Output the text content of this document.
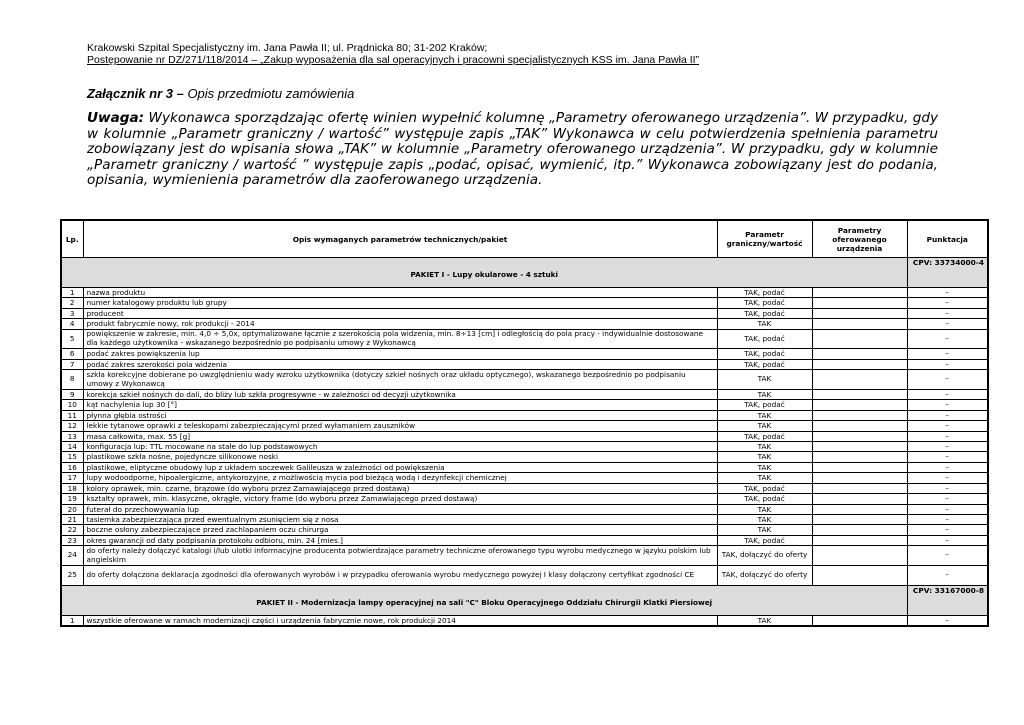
Krakowski Szpital Specjalistyczny im. Jana Pawła II; ul. Prądnicka 80; 31-202 Kraków;
Postępowanie nr DZ/271/118/2014 – „Zakup wyposażenia dla sal operacyjnych i pracowni specjalistycznych KSS im. Jana Pawła II”
Załącznik nr 3 – Opis przedmiotu zamówienia
Uwaga: Wykonawca sporządzając ofertę winien wypełnić kolumnę „Parametry oferowanego urządzenia”. W przypadku, gdy w kolumnie „Parametr graniczny / wartość” występuje zapis „TAK” Wykonawca w celu potwierdzenia spełnienia parametru zobowiązany jest do wpisania słowa „TAK” w kolumnie „Parametry oferowanego urządzenia”. W przypadku, gdy w kolumnie „Parametr graniczny / wartość ” występuje zapis „podać, opisać, wymienić, itp.” Wykonawca zobowiązany jest do podania, opisania, wymienienia parametrów dla zaoferowanego urządzenia.
Lp.	Opis wymaganych parametrów technicznych/pakiet	Parametr graniczny/wartość	Parametry oferowanego urządzenia	Punktacja
PAKIET I - Lupy okularowe - 4 sztuki				CPV: 33734000-4
1	nazwa produktu	TAK, podać		–
2	numer katalogowy produktu lub grupy	TAK, podać		–
3	producent	TAK, podać		–
4	produkt fabrycznie nowy, rok produkcji - 2014	TAK		–
5	powiększenie w zakresie, min. 4,0 ÷ 5,0x, optymalizowane łącznie z szerokością pola widzenia, min. 8÷13 [cm] i odległością do pola pracy - indywidualnie dostosowane dla każdego użytkownika - wskazanego bezpośrednio po podpisaniu umowy z Wykonawcą	TAK, podać		–
6	podać zakres powiększenia lup	TAK, podać		–
7	podać zakres szerokości pola widzenia	TAK, podać		–
8	szkła korekcyjne dobierane po uwzględnieniu wady wzroku użytkownika (dotyczy szkieł nośnych oraz układu optycznego), wskazanego bezpośrednio po podpisaniu umowy z Wykonawcą	TAK		–
9	korekcja szkieł nośnych do dali, do bliży lub szkła progresywne - w zależności od decyzji użytkownika	TAK		–
10	kąt nachylenia lup 30 [°]	TAK, podać		–
11	płynna głębia ostrości	TAK		–
12	lekkie tytanowe oprawki z teleskopami zabezpieczającymi przed wyłamaniem zauszników	TAK		–
13	masa całkowita, max. 55 [g]	TAK, podać		–
14	konfiguracja lup: TTL mocowane na stałe do lup podstawowych	TAK		–
15	plastikowe szkła nośne, pojedyncze silikonowe noski	TAK		–
16	plastikowe, eliptyczne obudowy lup z układem soczewek Galileusza w zależności od powiększenia	TAK		–
17	lupy wodoodporne, hipoalergiczne, antykorozyjne, z możliwością mycia pod bieżącą wodą i dezynfekcji chemicznej	TAK		–
18	kolory oprawek, min. czarne, brązowe (do wyboru przez Zamawiającego przed dostawą)	TAK, podać		–
19	kształty oprawek, min. klasyczne, okrągłe, victory frame (do wyboru przez Zamawiającego przed dostawą)	TAK, podać		–
20	futerał do przechowywania lup	TAK		–
21	tasiemka zabezpieczająca przed ewentualnym zsunięciem się z nosa	TAK		–
22	boczne osłony zabezpieczające przed zachlapaniem oczu chirurga	TAK		–
23	okres gwarancji od daty podpisania protokołu odbioru, min. 24 [mies.]	TAK, podać		–
24	do oferty należy dołączyć katalogi i/lub ulotki informacyjne producenta potwierdzające parametry techniczne oferowanego typu wyrobu medycznego w języku polskim lub angielskim	TAK, dołączyć do oferty		–
25	do oferty dołączona deklaracja zgodności dla oferowanych wyrobów i w przypadku oferowania wyrobu medycznego powyżej I klasy dołączony certyfikat zgodności CE	TAK, dołączyć do oferty		–
PAKIET II - Modernizacja lampy operacyjnej na sali "C" Bloku Operacyjnego Oddziału Chirurgii Klatki Piersiowej				CPV: 33167000-8
1	wszystkie oferowane w ramach modernizacji części i urządzenia fabrycznie nowe, rok produkcji 2014	TAK		–
